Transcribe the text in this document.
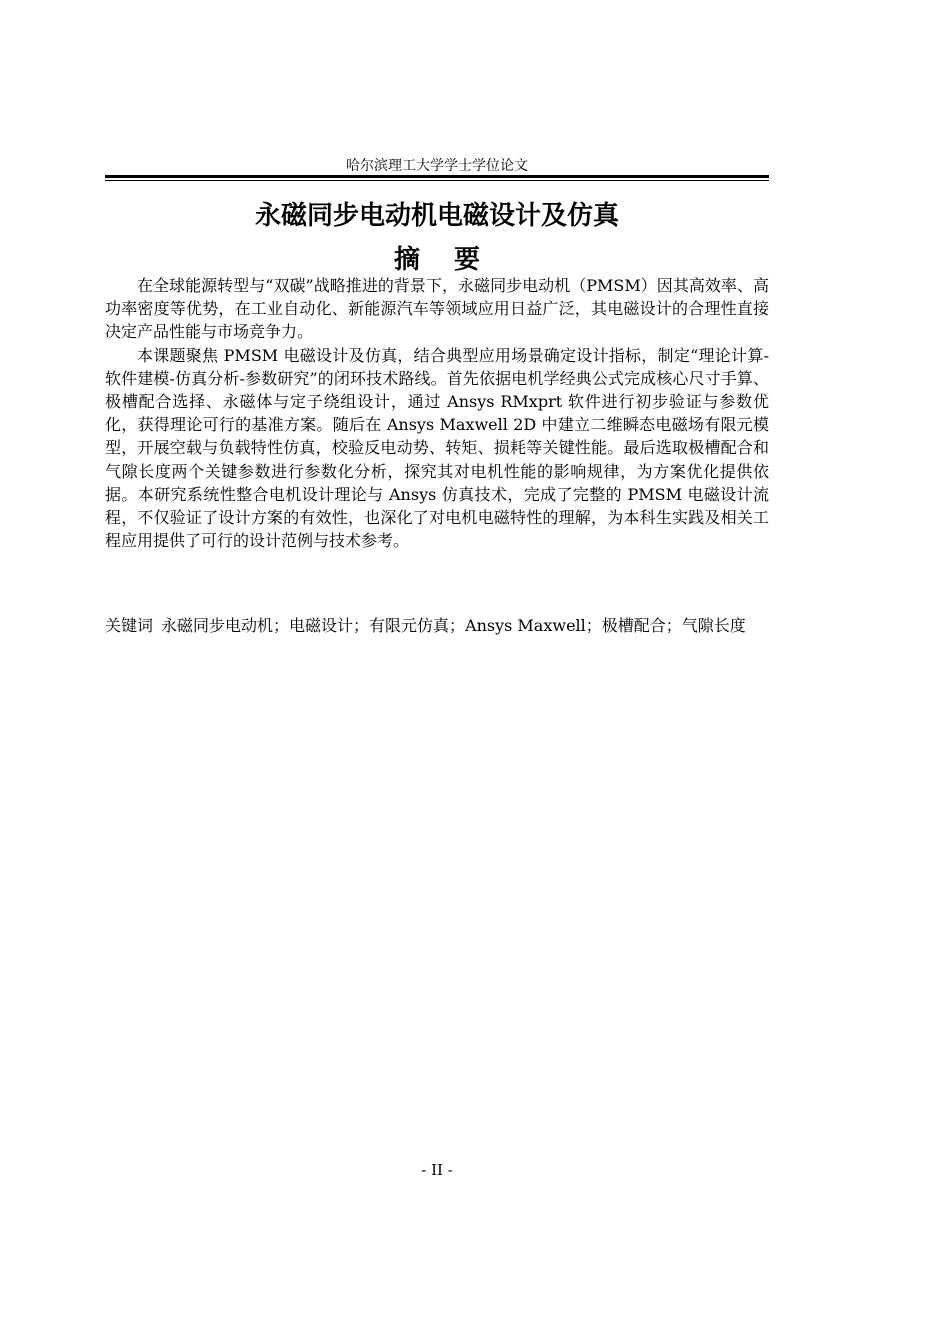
哈尔滨理工大学学士学位论文
永磁同步电动机电磁设计及仿真
摘要

在全球能源转型与“双碳”战略推进的背景下，永磁同步电动机（PMSM）因其高效率、高功率密度等优势，在工业自动化、新能源汽车等领域应用日益广泛，其电磁设计的合理性直接决定产品性能与市场竞争力。

本课题聚焦 PMSM 电磁设计及仿真，结合典型应用场景确定设计指标，制定“理论计算-软件建模-仿真分析-参数研究”的闭环技术路线。首先依据电机学经典公式完成核心尺寸手算、极槽配合选择、永磁体与定子绕组设计，通过 Ansys RMxprt 软件进行初步验证与参数优化，获得理论可行的基准方案。随后在 Ansys Maxwell 2D 中建立二维瞬态电磁场有限元模型，开展空载与负载特性仿真，校验反电动势、转矩、损耗等关键性能。最后选取极槽配合和气隙长度两个关键参数进行参数化分析，探究其对电机性能的影响规律，为方案优化提供依据。本研究系统性整合电机设计理论与 Ansys 仿真技术，完成了完整的 PMSM 电磁设计流程，不仅验证了设计方案的有效性，也深化了对电机电磁特性的理解，为本科生实践及相关工程应用提供了可行的设计范例与技术参考。

关键词 永磁同步电动机；电磁设计；有限元仿真；Ansys Maxwell；极槽配合；气隙长度
- II -
